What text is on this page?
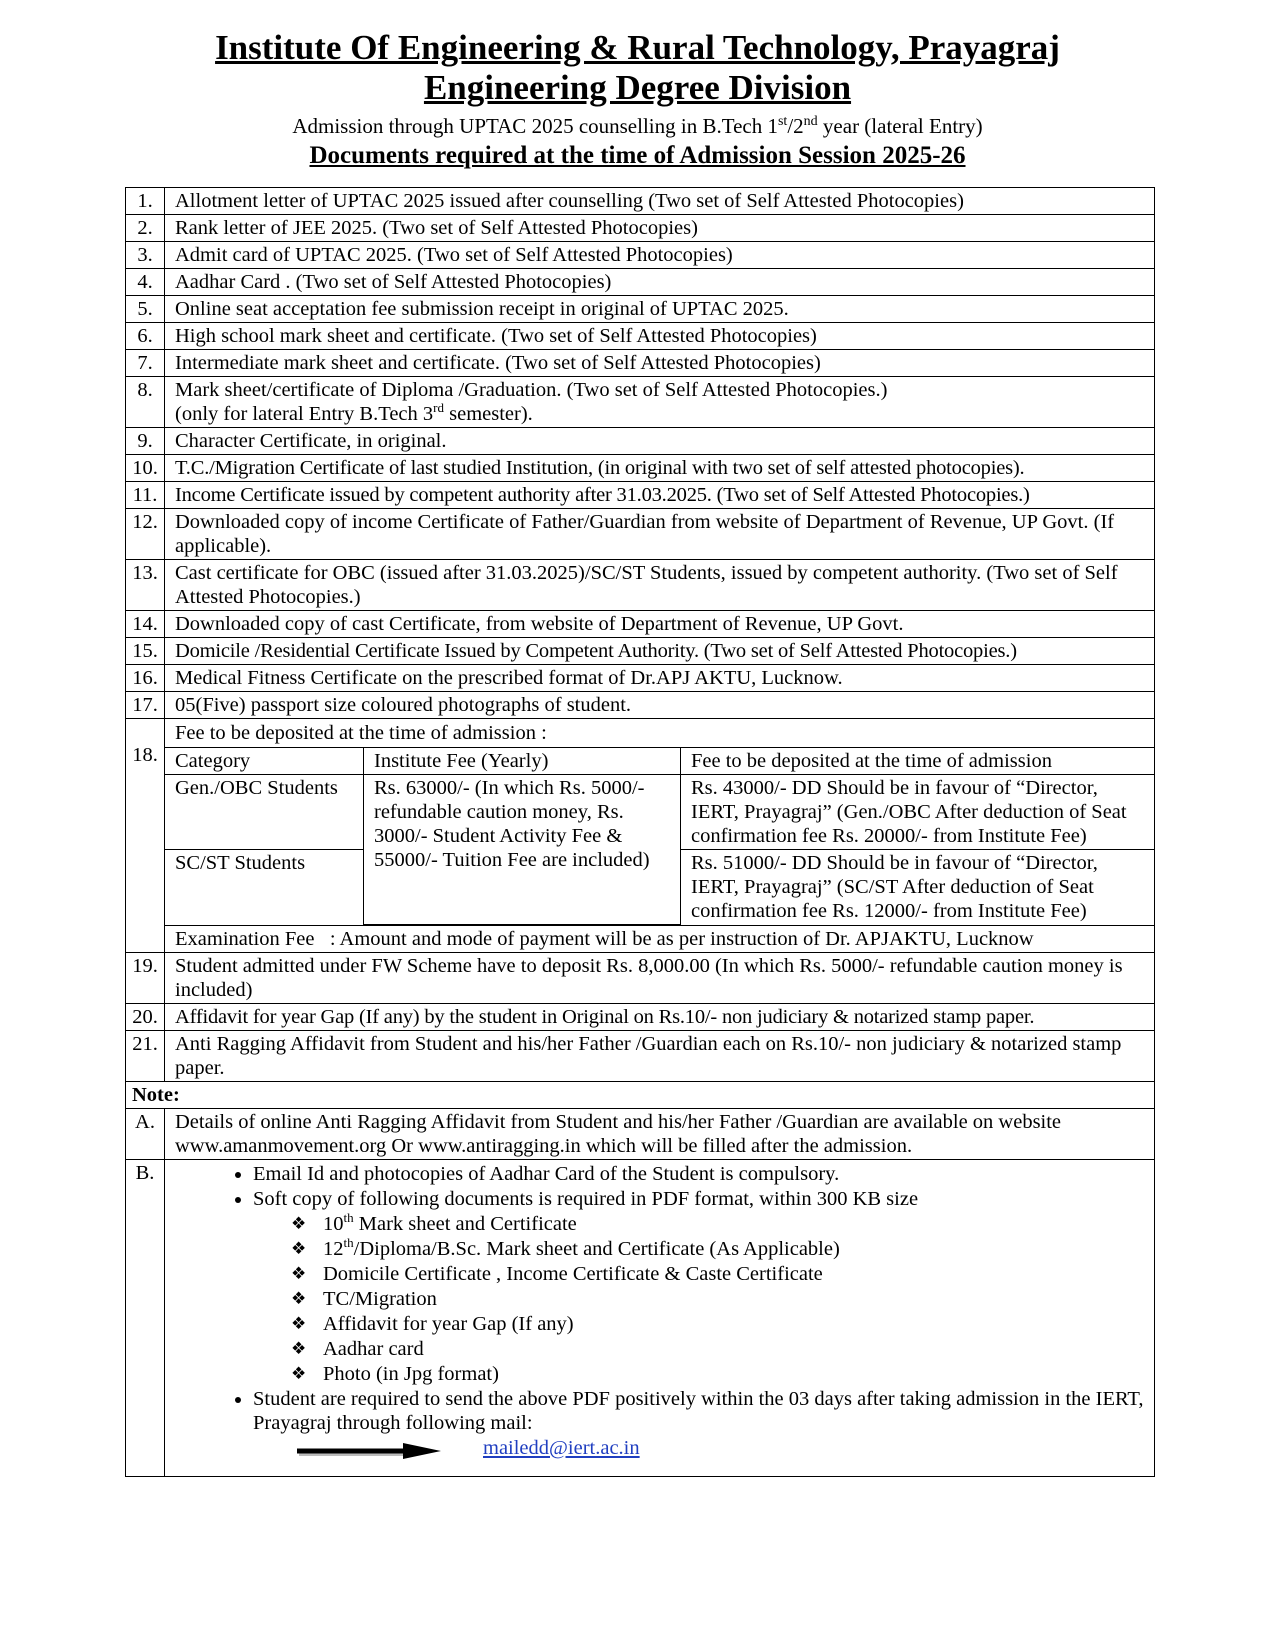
Institute Of Engineering & Rural Technology, Prayagraj
Engineering Degree Division
Admission through UPTAC 2025 counselling in B.Tech 1st/2nd year (lateral Entry)
Documents required at the time of Admission Session 2025-26
1.	Allotment letter of UPTAC 2025 issued after counselling (Two set of Self Attested Photocopies)
2.	Rank letter of JEE 2025. (Two set of Self Attested Photocopies)
3.	Admit card of UPTAC 2025. (Two set of Self Attested Photocopies)
4.	Aadhar Card . (Two set of Self Attested Photocopies)
5.	Online seat acceptation fee submission receipt in original of UPTAC 2025.
6.	High school mark sheet and certificate. (Two set of Self Attested Photocopies)
7.	Intermediate mark sheet and certificate. (Two set of Self Attested Photocopies)
8.	Mark sheet/certificate of Diploma /Graduation. (Two set of Self Attested Photocopies.)
(only for lateral Entry B.Tech 3rd semester).

9.	Character Certificate, in original.
10.	T.C./Migration Certificate of last studied Institution, (in original with two set of self attested photocopies).
11.	Income Certificate issued by competent authority after 31.03.2025. (Two set of Self Attested Photocopies.)
12.	Downloaded copy of income Certificate of Father/Guardian from website of Department of Revenue, UP Govt. (If applicable).
13.	Cast certificate for OBC (issued after 31.03.2025)/SC/ST Students, issued by competent authority. (Two set of Self Attested Photocopies.)
14.	Downloaded copy of cast Certificate, from website of Department of Revenue, UP Govt.
15.	Domicile /Residential Certificate Issued by Competent Authority. (Two set of Self Attested Photocopies.)
16.	Medical Fitness Certificate on the prescribed format of Dr.APJ AKTU, Lucknow.
17.	05(Five) passport size coloured photographs of student.
18.	
Fee to be deposited at the time of admission :
Category	Institute Fee (Yearly)	Fee to be deposited at the time of admission
Gen./OBC Students	Rs. 63000/- (In which Rs. 5000/- refundable caution money, Rs. 3000/- Student Activity Fee & 55000/- Tuition Fee are included)	Rs. 43000/- DD Should be in favour of “Director, IERT, Prayagraj” (Gen./OBC After deduction of Seat confirmation fee Rs. 20000/- from Institute Fee)
SC/ST Students	Rs. 51000/- DD Should be in favour of “Director, IERT, Prayagraj” (SC/ST After deduction of Seat confirmation fee Rs. 12000/- from Institute Fee)
Examination Fee   : Amount and mode of payment will be as per instruction of Dr. APJAKTU, Lucknow

19.	Student admitted under FW Scheme have to deposit Rs. 8,000.00 (In which Rs. 5000/- refundable caution money is included)
20.	Affidavit for year Gap (If any) by the student in Original on Rs.10/- non judiciary & notarized stamp paper.
21.	Anti Ragging Affidavit from Student and his/her Father /Guardian each on Rs.10/- non judiciary & notarized stamp paper.
Note:
A.	Details of online Anti Ragging Affidavit from Student and his/her Father /Guardian are available on website www.amanmovement.org Or www.antiragging.in which will be filled after the admission.
B.	
•Email Id and photocopies of Aadhar Card of the Student is compulsory.
• Soft copy of following documents is required in PDF format, within 300 KB size
❖ 10th Mark sheet and Certificate
❖ 12th/Diploma/B.Sc. Mark sheet and Certificate (As Applicable)
❖ Domicile Certificate , Income Certificate & Caste Certificate
❖ TC/Migration
❖ Affidavit for year Gap (If any)
❖ Aadhar card
❖ Photo (in Jpg format)
• Student are required to send the above PDF positively within the 03 days after taking admission in the IERT, Prayagraj through following mail:
mailedd@iert.ac.in
